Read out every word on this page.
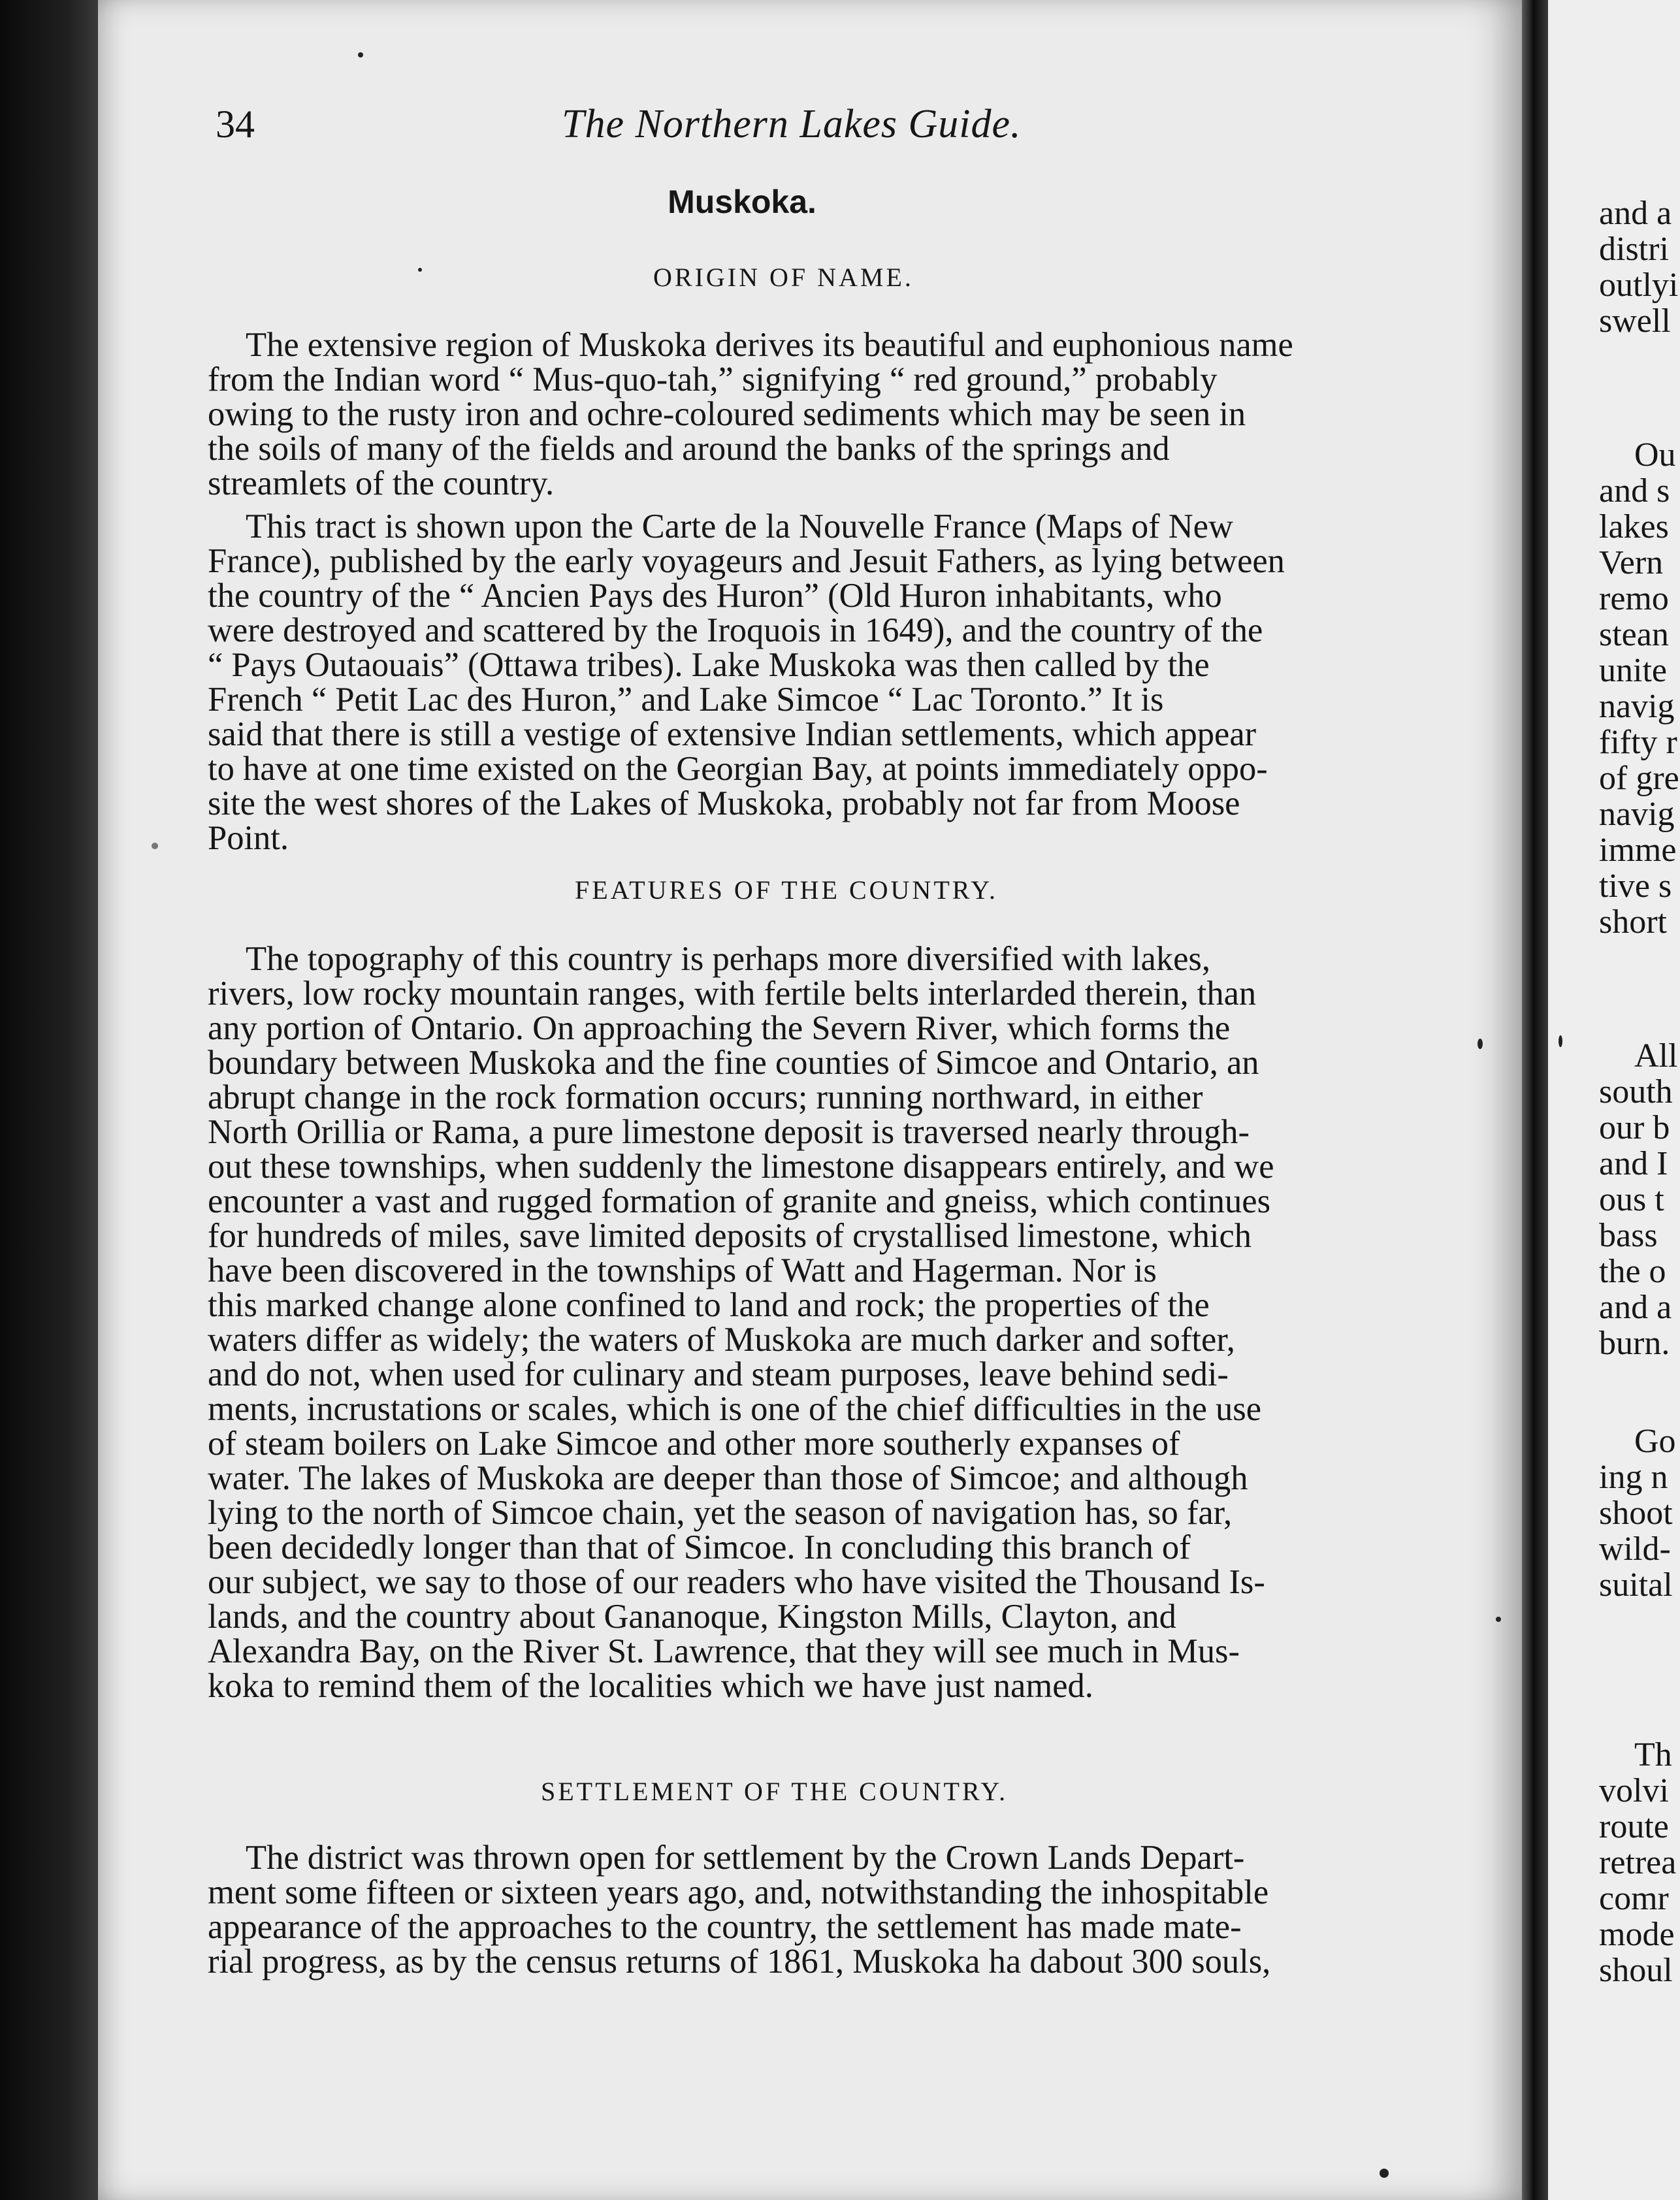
34	The Northern Lakes Guide.
Muskoka.
ORIGIN OF NAME.
The extensive region of Muskoka derives its beautiful and euphonious name
from the Indian word “ Mus-quo-tah,” signifying “ red ground,” probably
owing to the rusty iron and ochre-coloured sediments which may be seen in
the soils of many of the fields and around the banks of the springs and
streamlets of the country.
This tract is shown upon the Carte de la Nouvelle France (Maps of New
France), published by the early voyageurs and Jesuit Fathers, as lying between
the country of the “ Ancien Pays des Huron” (Old Huron inhabitants, who
were destroyed and scattered by the Iroquois in 1649), and the country of the
“ Pays Outaouais” (Ottawa tribes). Lake Muskoka was then called by the
French “ Petit Lac des Huron,” and Lake Simcoe “ Lac Toronto.” It is
said that there is still a vestige of extensive Indian settlements, which appear
to have at one time existed on the Georgian Bay, at points immediately oppo-
site the west shores of the Lakes of Muskoka, probably not far from Moose
Point.
FEATURES OF THE COUNTRY.
The topography of this country is perhaps more diversified with lakes,
rivers, low rocky mountain ranges, with fertile belts interlarded therein, than
any portion of Ontario. On approaching the Severn River, which forms the
boundary between Muskoka and the fine counties of Simcoe and Ontario, an
abrupt change in the rock formation occurs; running northward, in either
North Orillia or Rama, a pure limestone deposit is traversed nearly through-
out these townships, when suddenly the limestone disappears entirely, and we
encounter a vast and rugged formation of granite and gneiss, which continues
for hundreds of miles, save limited deposits of crystallised limestone, which
have been discovered in the townships of Watt and Hagerman. Nor is
this marked change alone confined to land and rock; the properties of the
waters differ as widely; the waters of Muskoka are much darker and softer,
and do not, when used for culinary and steam purposes, leave behind sedi-
ments, incrustations or scales, which is one of the chief difficulties in the use
of steam boilers on Lake Simcoe and other more southerly expanses of
water. The lakes of Muskoka are deeper than those of Simcoe; and although
lying to the north of Simcoe chain, yet the season of navigation has, so far,
been decidedly longer than that of Simcoe. In concluding this branch of
our subject, we say to those of our readers who have visited the Thousand Is-
lands, and the country about Gananoque, Kingston Mills, Clayton, and
Alexandra Bay, on the River St. Lawrence, that they will see much in Mus-
koka to remind them of the localities which we have just named.
SETTLEMENT OF THE COUNTRY.
The district was thrown open for settlement by the Crown Lands Depart-
ment some fifteen or sixteen years ago, and, notwithstanding the inhospitable
appearance of the approaches to the country, the settlement has made mate-
rial progress, as by the census returns of 1861, Muskoka ha dabout 300 souls,
and a
distri
outlyi
swell
Ou
and s
lakes
Vern
remo
stean
unite
navig
fifty r
of gre
navig
imme
tive s
short
All
south
our b
and I
ous t
bass
the o
and a
burn.
Go
ing n
shoot
wild-
suital
Th
volvi
route
retrea
comr
mode
shoul
